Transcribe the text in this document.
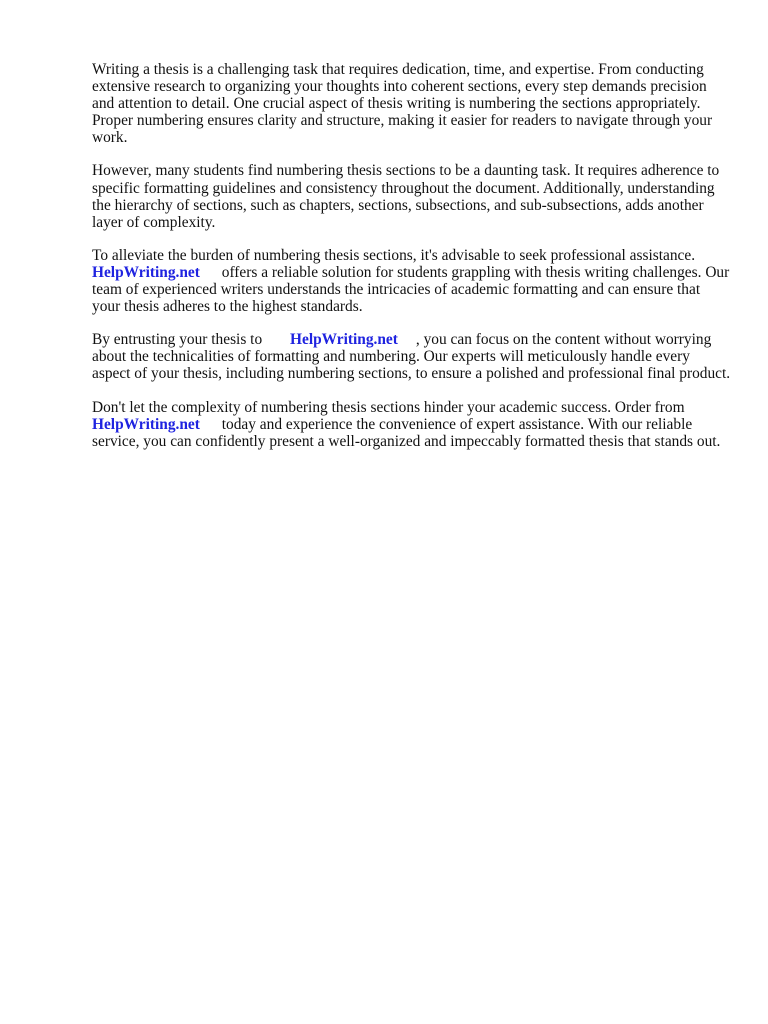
Writing a thesis is a challenging task that requires dedication, time, and expertise. From conducting extensive research to organizing your thoughts into coherent sections, every step demands precision and attention to detail. One crucial aspect of thesis writing is numbering the sections appropriately. Proper numbering ensures clarity and structure, making it easier for readers to navigate through your work.

However, many students find numbering thesis sections to be a daunting task. It requires adherence to specific formatting guidelines and consistency throughout the document. Additionally, understanding the hierarchy of sections, such as chapters, sections, subsections, and sub-subsections, adds another layer of complexity.

To alleviate the burden of numbering thesis sections, it's advisable to seek professional assistance. HelpWriting.net offers a reliable solution for students grappling with thesis writing challenges. Our team of experienced writers understands the intricacies of academic formatting and can ensure that your thesis adheres to the highest standards.

By entrusting your thesis to HelpWriting.net , you can focus on the content without worrying about the technicalities of formatting and numbering. Our experts will meticulously handle every aspect of your thesis, including numbering sections, to ensure a polished and professional final product.

Don't let the complexity of numbering thesis sections hinder your academic success. Order from HelpWriting.net today and experience the convenience of expert assistance. With our reliable service, you can confidently present a well-organized and impeccably formatted thesis that stands out.
